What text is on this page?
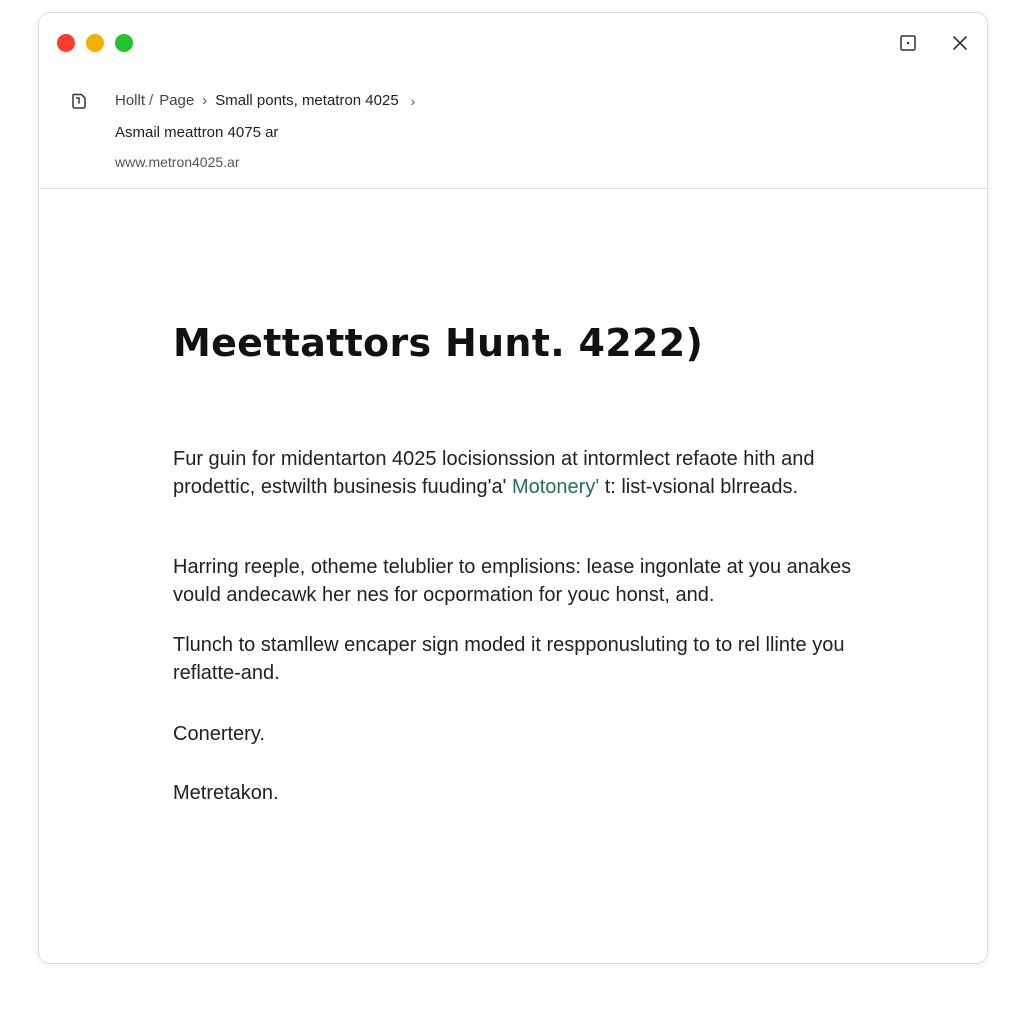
Hollt / Page › Small ponts, metatron 4025 ›
Asmail meattron 4075 ar
www.metron4025.ar
Meettattors Hunt. 4222)

Fur guin for midentarton 4025 locisionssion at intormlect refaote hith and prodettic, estwilth businesis fuuding'a' Motonery' t: list-vsional blrreads.

Harring reeple, otheme telublier to emplisions: lease ingonlate at you anakes vould andecawk her nes for ocpormation for youc honst, and.

Tlunch to stamllew encaper sign moded it respponusluting to to rel llinte you reflatte-and.

Conertery.

Metretakon.
